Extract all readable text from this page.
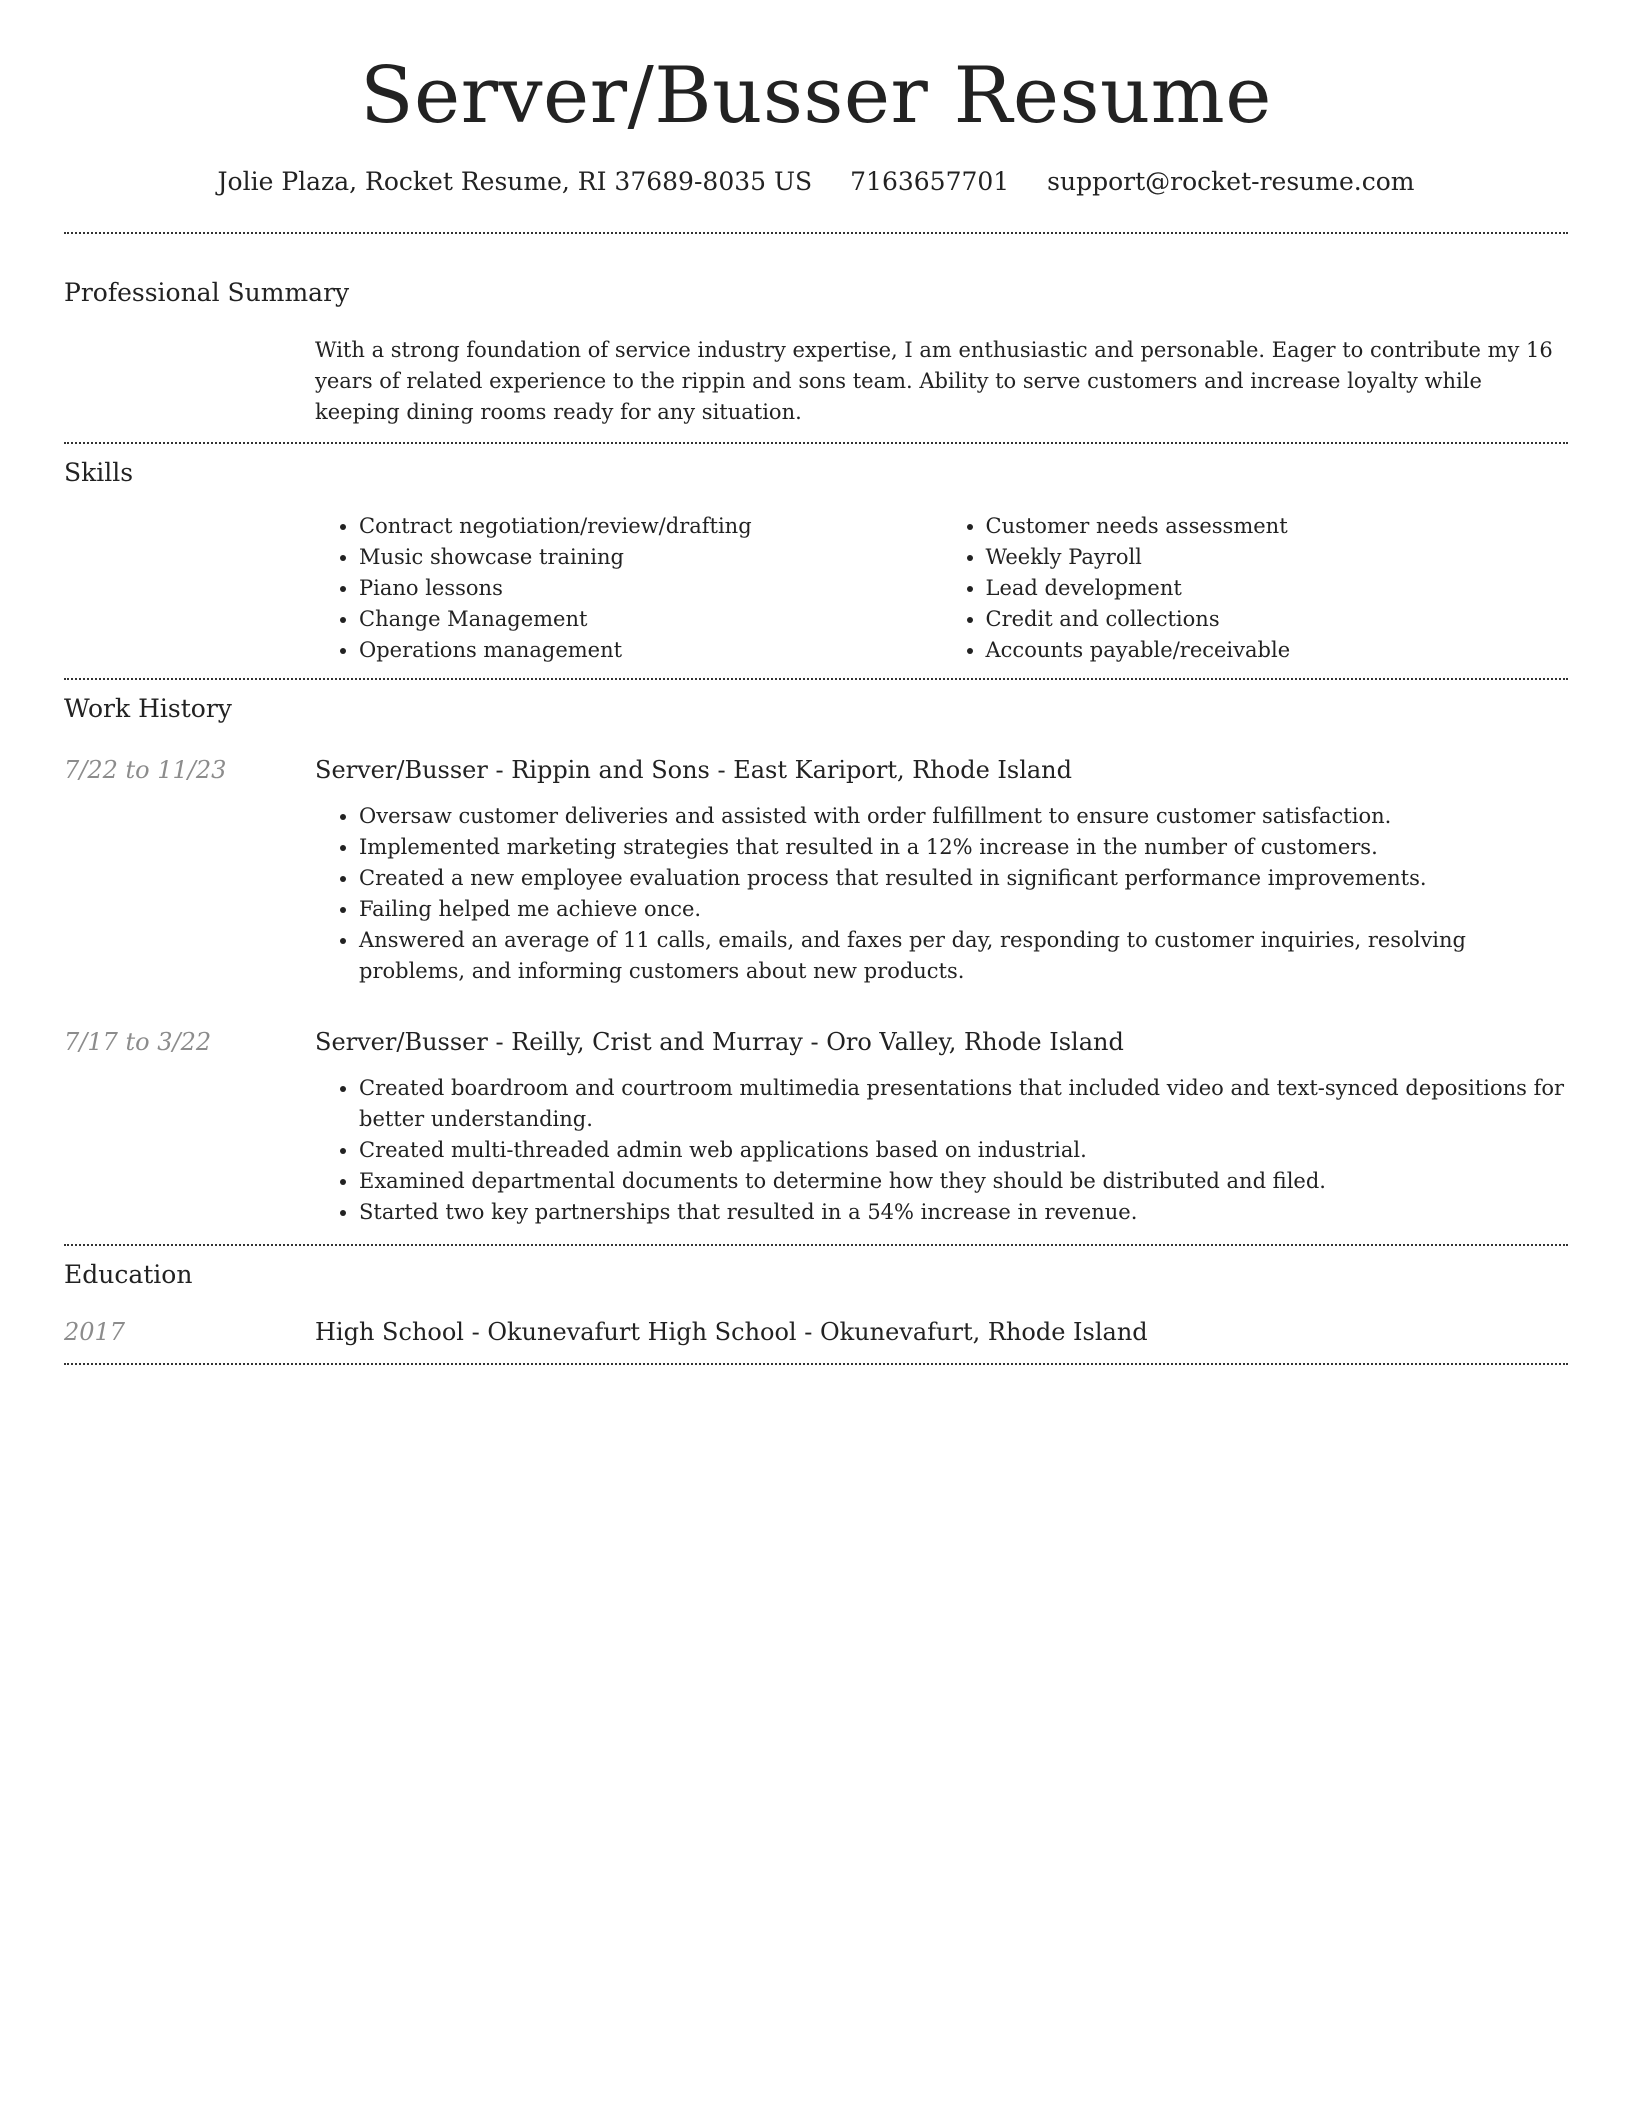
Server/Busser Resume
Jolie Plaza, Rocket Resume, RI 37689-8035 US 7163657701 support@rocket-resume.com
Professional Summary
With a strong foundation of service industry expertise, I am enthusiastic and personable. Eager to contribute my 16 years of related experience to the rippin and sons team. Ability to serve customers and increase loyalty while keeping dining rooms ready for any situation.
Skills
• Contract negotiation/review/drafting
• Music showcase training
• Piano lessons
• Change Management
• Operations management
• Customer needs assessment
• Weekly Payroll
• Lead development
• Credit and collections
• Accounts payable/receivable
Work History
7/22 to 11/23	Server/Busser - Rippin and Sons - East Kariport, Rhode Island
• Oversaw customer deliveries and assisted with order fulfillment to ensure customer satisfaction.
• Implemented marketing strategies that resulted in a 12% increase in the number of customers.
• Created a new employee evaluation process that resulted in significant performance improvements.
• Failing helped me achieve once.
• Answered an average of 11 calls, emails, and faxes per day, responding to customer inquiries, resolving problems, and informing customers about new products.
7/17 to 3/22	Server/Busser - Reilly, Crist and Murray - Oro Valley, Rhode Island
• Created boardroom and courtroom multimedia presentations that included video and text-synced depositions for better understanding.
• Created multi-threaded admin web applications based on industrial.
• Examined departmental documents to determine how they should be distributed and filed.
• Started two key partnerships that resulted in a 54% increase in revenue.
Education
2017	High School - Okunevafurt High School - Okunevafurt, Rhode Island
